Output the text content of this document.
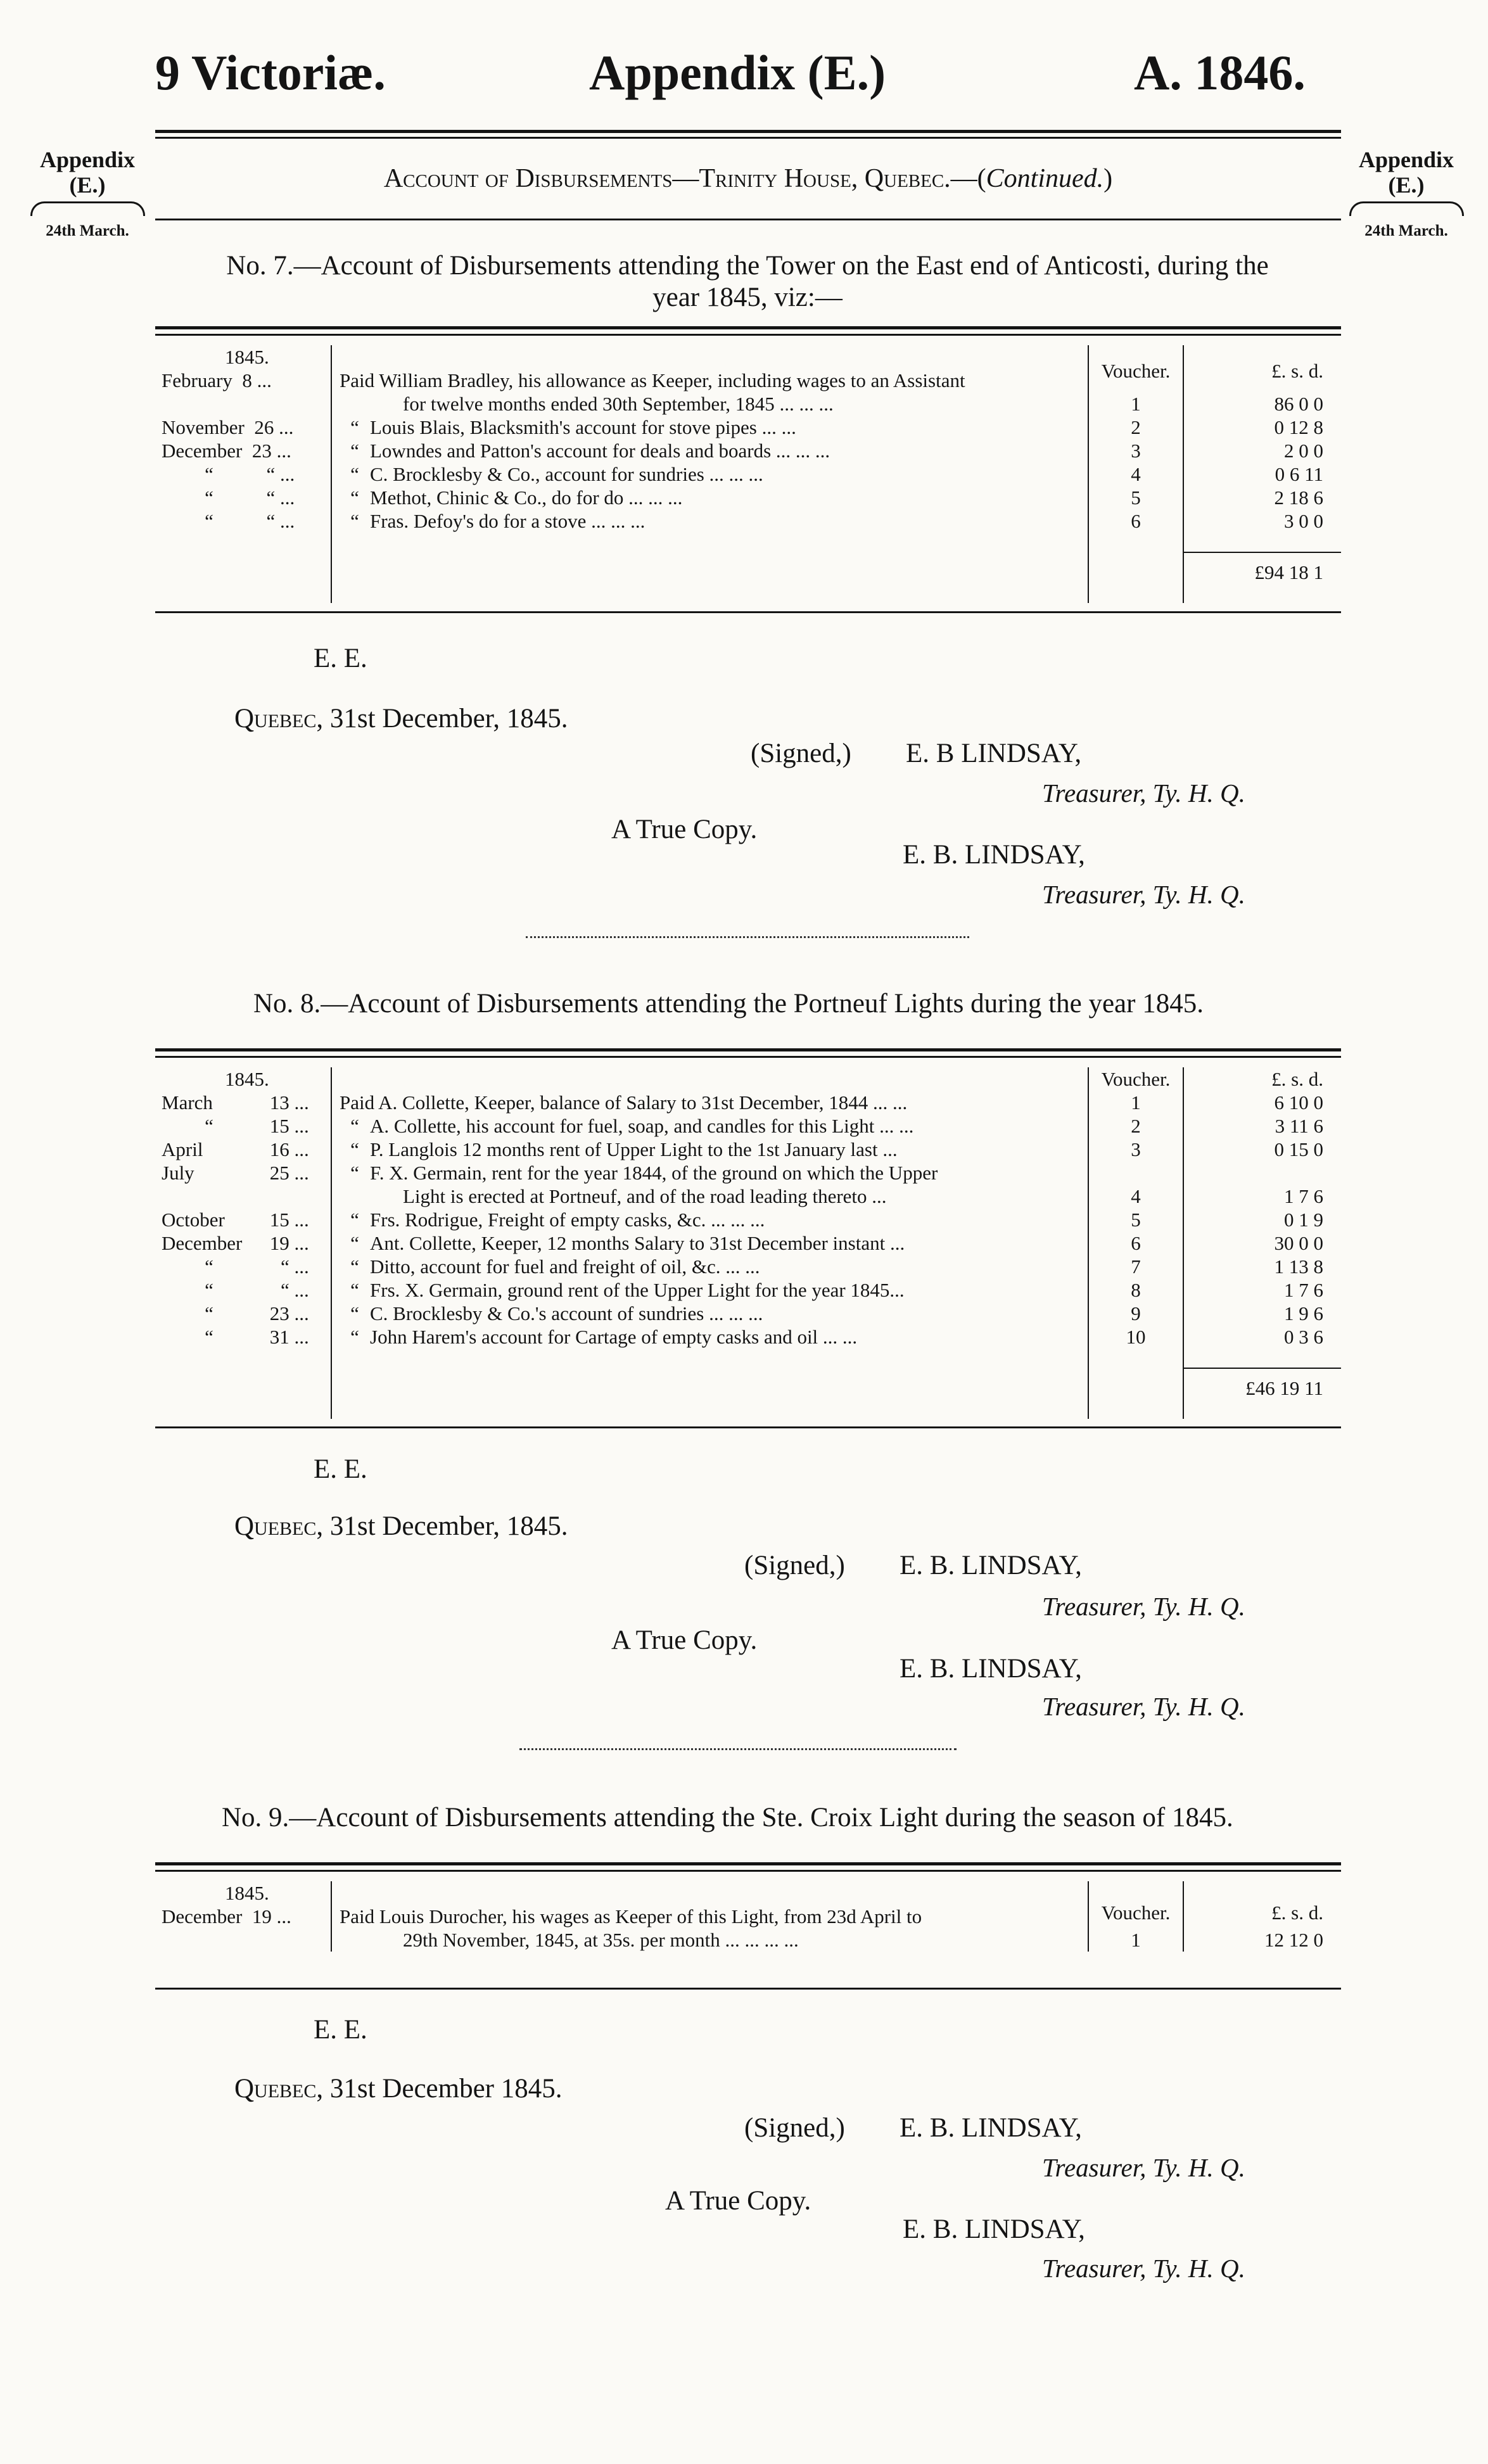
9 Victoriæ.	Appendix (E.)	A. 1846.
Appendix
(E.)
24th March.
Appendix
(E.)
24th March.
Account of Disbursements—Trinity House, Quebec.—(Continued.)
No. 7.—Account of Disbursements attending the Tower on the East end of Anticosti, during the year 1845, viz:—
1845.		Voucher.	£. s. d.
February 8 ...	Paid William Bradley, his allowance as Keeper, including wages to an Assistant		
	for twelve months ended 30th September, 1845 ... ... ...	1	86 0 0
November 26 ...	“ Louis Blais, Blacksmith's account for stove pipes ... ...	2	0 12 8
December 23 ...	“ Lowndes and Patton's account for deals and boards ... ... ...	3	2 0 0
“ “ ...	“ C. Brocklesby & Co., account for sundries ... ... ...	4	0 6 11
“ “ ...	“ Methot, Chinic & Co., do for do ... ... ...	5	2 18 6
“ “ ...	“ Fras. Defoy's do for a stove ... ... ...	6	3 0 0

			£94 18 1

E. E.
Quebec, 31st December, 1845.
(Signed,) E. B LINDSAY,
Treasurer, Ty. H. Q.
A True Copy.
E. B. LINDSAY,
Treasurer, Ty. H. Q.
No. 8.—Account of Disbursements attending the Portneuf Lights during the year 1845.
1845.		Voucher.	£. s. d.
March 13 ...	Paid A. Collette, Keeper, balance of Salary to 31st December, 1844 ... ...	1	6 10 0
“ 15 ...	“ A. Collette, his account for fuel, soap, and candles for this Light ... ...	2	3 11 6
April 16 ...	“ P. Langlois 12 months rent of Upper Light to the 1st January last ...	3	0 15 0
July 25 ...	“ F. X. Germain, rent for the year 1844, of the ground on which the Upper		
	Light is erected at Portneuf, and of the road leading thereto ...	4	1 7 6
October 15 ...	“ Frs. Rodrigue, Freight of empty casks, &c. ... ... ...	5	0 1 9
December 19 ...	“ Ant. Collette, Keeper, 12 months Salary to 31st December instant ...	6	30 0 0
“ “ ...	“ Ditto, account for fuel and freight of oil, &c. ... ...	7	1 13 8
“ “ ...	“ Frs. X. Germain, ground rent of the Upper Light for the year 1845...	8	1 7 6
“ 23 ...	“ C. Brocklesby & Co.'s account of sundries ... ... ...	9	1 9 6
“ 31 ...	“ John Harem's account for Cartage of empty casks and oil ... ...	10	0 3 6

			£46 19 11

E. E.
Quebec, 31st December, 1845.
(Signed,) E. B. LINDSAY,
Treasurer, Ty. H. Q.
A True Copy.
E. B. LINDSAY,
Treasurer, Ty. H. Q.
No. 9.—Account of Disbursements attending the Ste. Croix Light during the season of 1845.
1845.		Voucher.	£. s. d.
December 19 ...	Paid Louis Durocher, his wages as Keeper of this Light, from 23d April to		
	29th November, 1845, at 35s. per month ... ... ... ...	1	12 12 0
E. E.
Quebec, 31st December 1845.
(Signed,) E. B. LINDSAY,
Treasurer, Ty. H. Q.
A True Copy.
E. B. LINDSAY,
Treasurer, Ty. H. Q.
